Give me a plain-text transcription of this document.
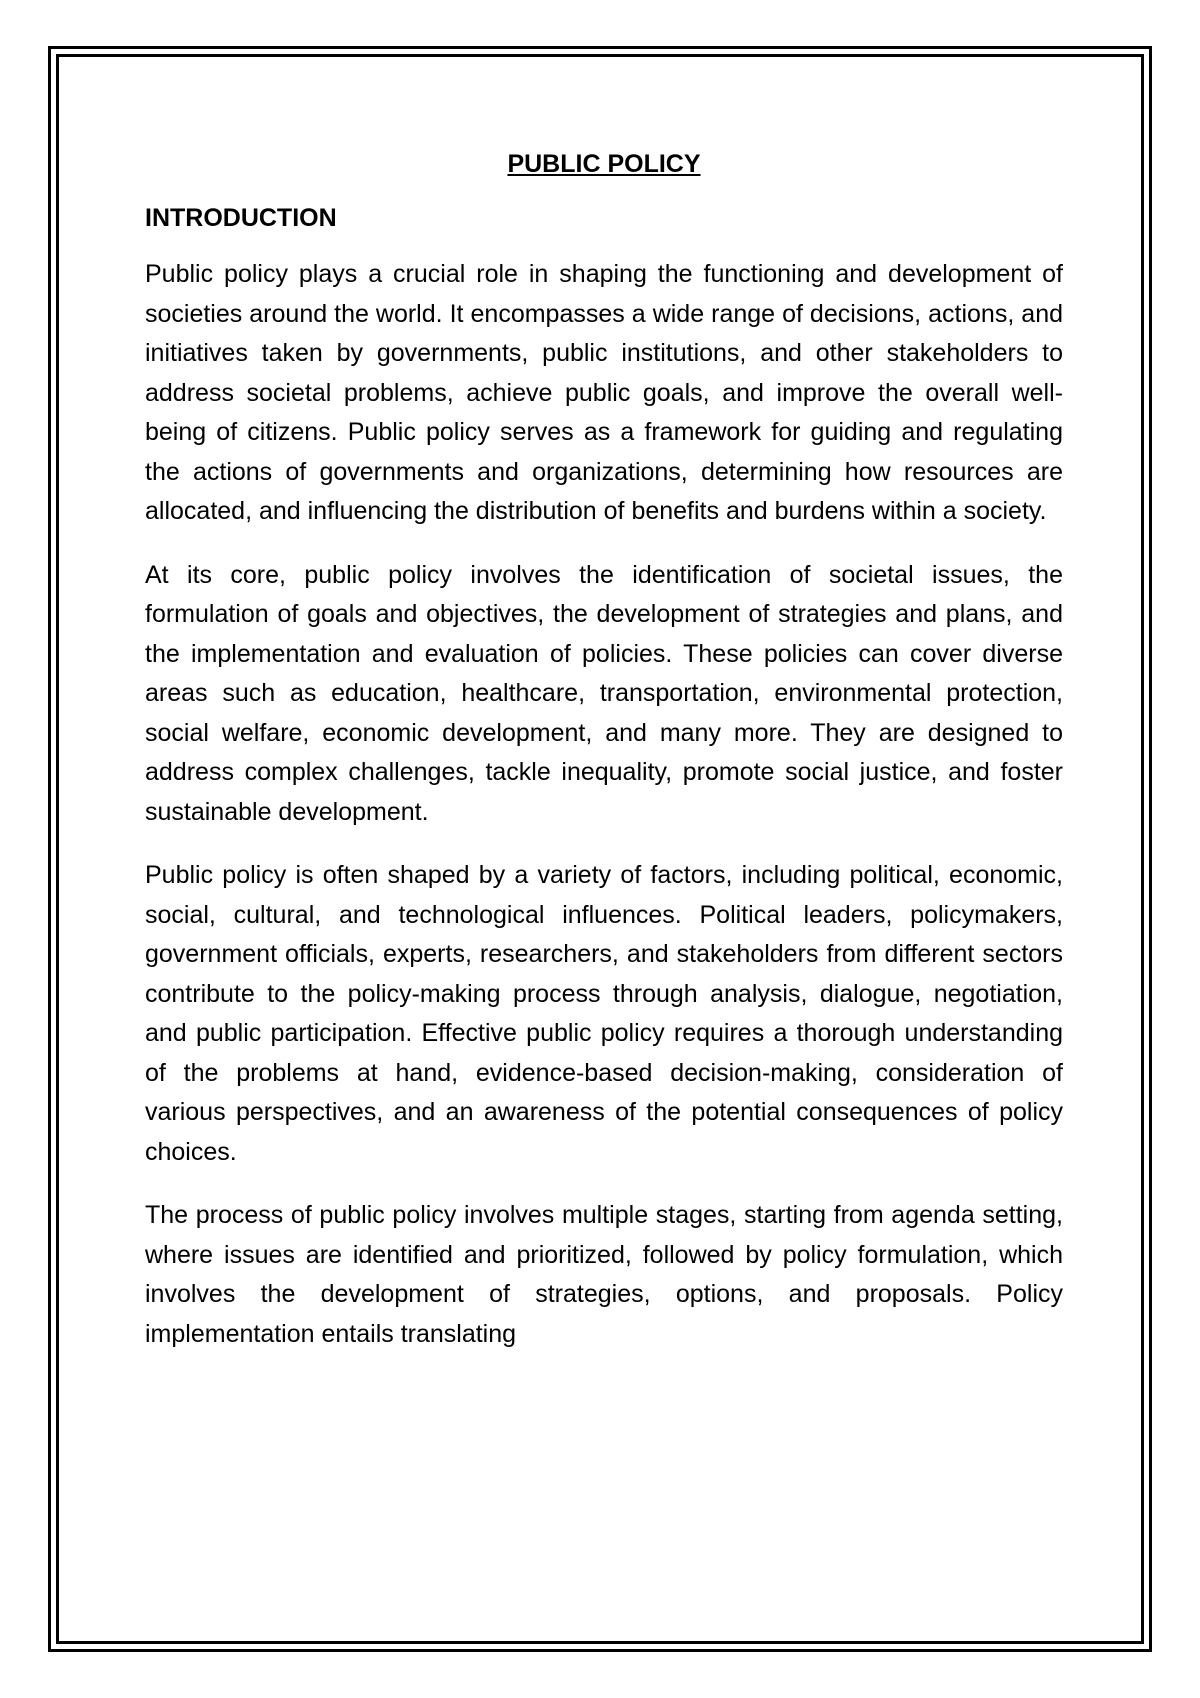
PUBLIC POLICY
INTRODUCTION

Public policy plays a crucial role in shaping the functioning and development of societies around the world. It encompasses a wide range of decisions, actions, and initiatives taken by governments, public institutions, and other stakeholders to address societal problems, achieve public goals, and improve the overall well-being of citizens. Public policy serves as a framework for guiding and regulating the actions of governments and organizations, determining how resources are allocated, and influencing the distribution of benefits and burdens within a society.

At its core, public policy involves the identification of societal issues, the formulation of goals and objectives, the development of strategies and plans, and the implementation and evaluation of policies. These policies can cover diverse areas such as education, healthcare, transportation, environmental protection, social welfare, economic development, and many more. They are designed to address complex challenges, tackle inequality, promote social justice, and foster sustainable development.

Public policy is often shaped by a variety of factors, including political, economic, social, cultural, and technological influences. Political leaders, policymakers, government officials, experts, researchers, and stakeholders from different sectors contribute to the policy-making process through analysis, dialogue, negotiation, and public participation. Effective public policy requires a thorough understanding of the problems at hand, evidence-based decision-making, consideration of various perspectives, and an awareness of the potential consequences of policy choices.

The process of public policy involves multiple stages, starting from agenda setting, where issues are identified and prioritized, followed by policy formulation, which involves the development of strategies, options, and proposals. Policy implementation entails translating
